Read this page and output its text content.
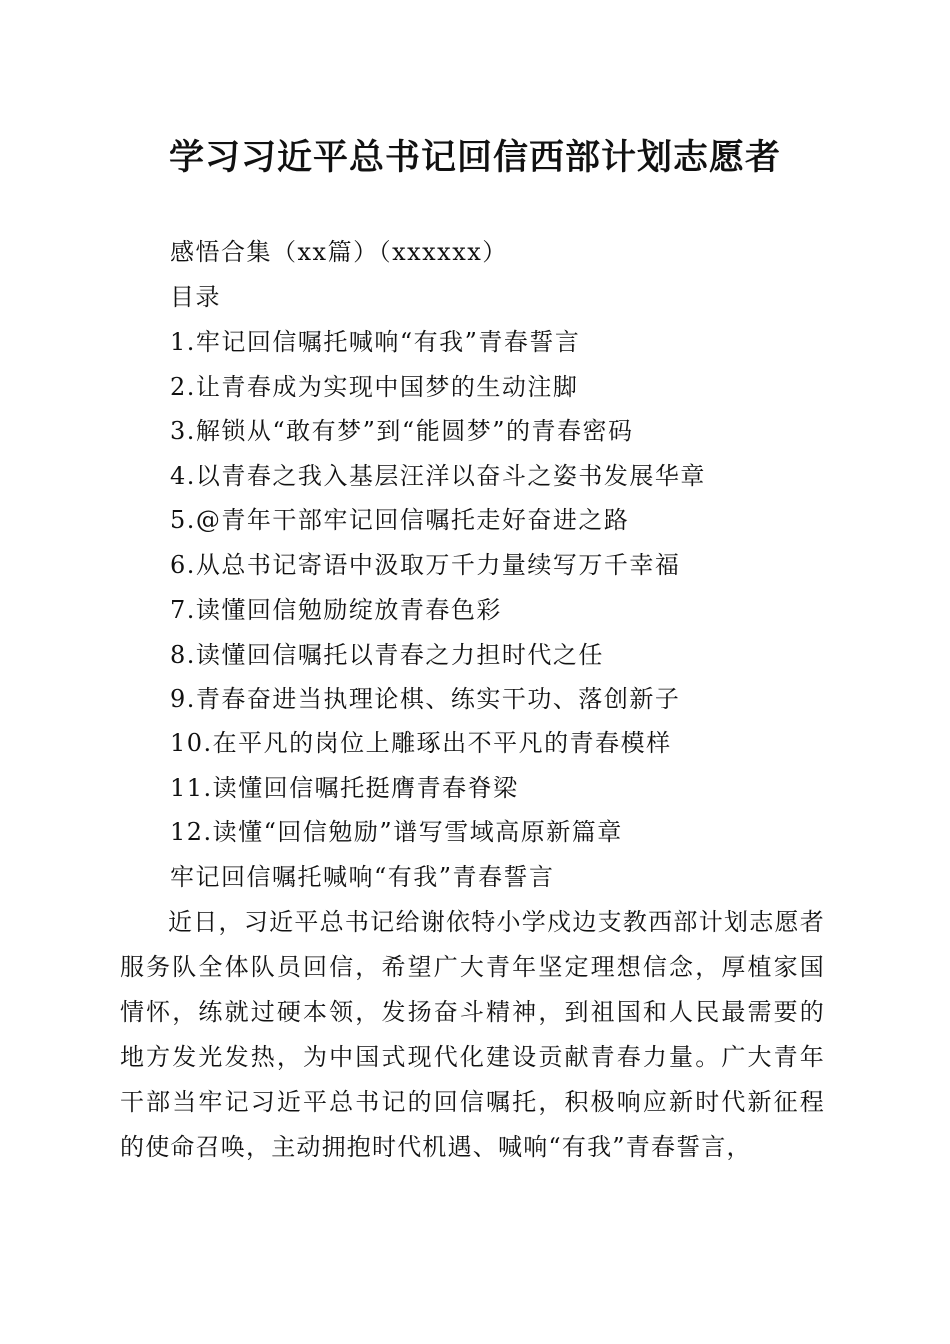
学习习近平总书记回信西部计划志愿者

感悟合集（xx篇）（xxxxxx）

目录

1.牢记回信嘱托喊响“有我”青春誓言

2.让青春成为实现中国梦的生动注脚

3.解锁从“敢有梦”到“能圆梦”的青春密码

4.以青春之我入基层汪洋以奋斗之姿书发展华章

5.@青年干部牢记回信嘱托走好奋进之路

6.从总书记寄语中汲取万千力量续写万千幸福

7.读懂回信勉励绽放青春色彩

8.读懂回信嘱托以青春之力担时代之任

9.青春奋进当执理论棋、练实干功、落创新子

10.在平凡的岗位上雕琢出不平凡的青春模样

11.读懂回信嘱托挺膺青春脊梁

12.读懂“回信勉励”谱写雪域高原新篇章

牢记回信嘱托喊响“有我”青春誓言

近日，习近平总书记给谢依特小学戍边支教西部计划志愿者服务队全体队员回信，希望广大青年坚定理想信念，厚植家国情怀，练就过硬本领，发扬奋斗精神，到祖国和人民最需要的地方发光发热，为中国式现代化建设贡献青春力量。广大青年干部当牢记习近平总书记的回信嘱托，积极响应新时代新征程的使命召唤，主动拥抱时代机遇、喊响“有我”青春誓言，
